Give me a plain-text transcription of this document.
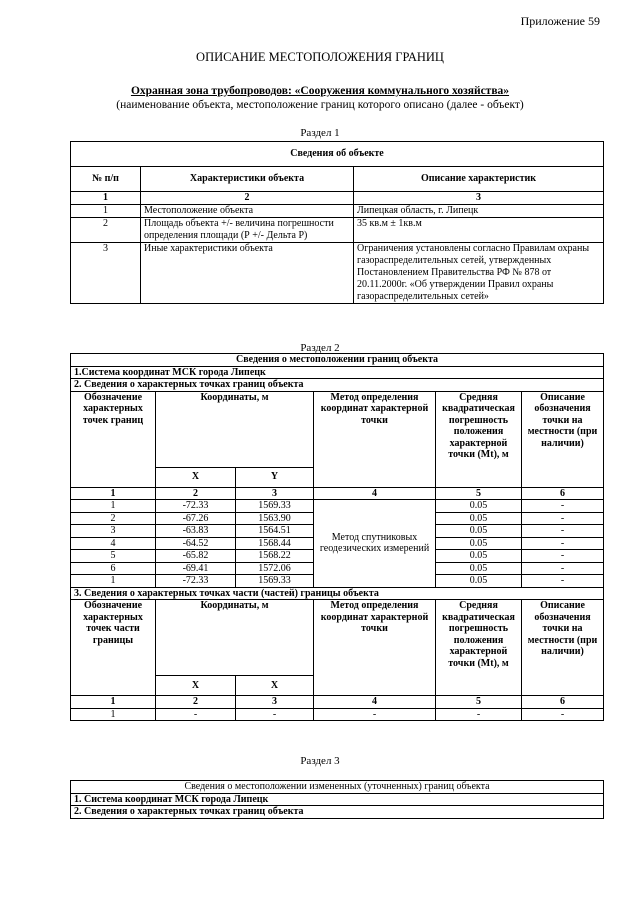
Приложение 59
ОПИСАНИЕ МЕСТОПОЛОЖЕНИЯ ГРАНИЦ
Охранная зона трубопроводов: «Сооружения коммунального хозяйства»
(наименование объекта, местоположение границ которого описано (далее - объект)
Раздел 1
Сведения об объекте		
№ п/п	Характеристики объекта	Описание характеристик
1	2	3
1	Местоположение объекта	Липецкая область, г. Липецк
2	Площадь объекта +/- величина погрешности определения площади (Р +/- Дельта Р)	35 кв.м ± 1кв.м
3	Иные характеристики объекта	Ограничения установлены согласно Правилам охраны газораспределительных сетей, утвержденных Постановлением Правительства РФ № 878 от 20.11.2000г. «Об утверждении Правил охраны газораспределительных сетей»
Раздел 2
Сведения о местоположении границ объекта					
1.Система координат МСК города Липецк					
2. Сведения о характерных точках границ объекта					
Обозначение характерных точек границ	Координаты, м		Метод определения координат характерной точки	Средняя квадратическая погрешность положения характерной точки (Mt), м	Описание обозначения точки на местности (при наличии)
	X	Y			
1	2	3	4	5	6
1	-72.33	1569.33	Метод спутниковых геодезических измерений	0.05	-
2	-67.26	1563.90		0.05	-
3	-63.83	1564.51		0.05	-
4	-64.52	1568.44		0.05	-
5	-65.82	1568.22		0.05	-
6	-69.41	1572.06		0.05	-
1	-72.33	1569.33		0.05	-
3. Сведения о характерных точках части (частей) границы объекта					
Обозначение характерных точек части границы	Координаты, м		Метод определения координат характерной точки	Средняя квадратическая погрешность положения характерной точки (Mt), м	Описание обозначения точки на местности (при наличии)
	X	X			
1	2	3	4	5	6
1	-	-	-	-	-
Раздел 3
Сведения о местоположении измененных (уточненных) границ объекта
1. Система координат МСК города Липецк
2. Сведения о характерных точках границ объекта
